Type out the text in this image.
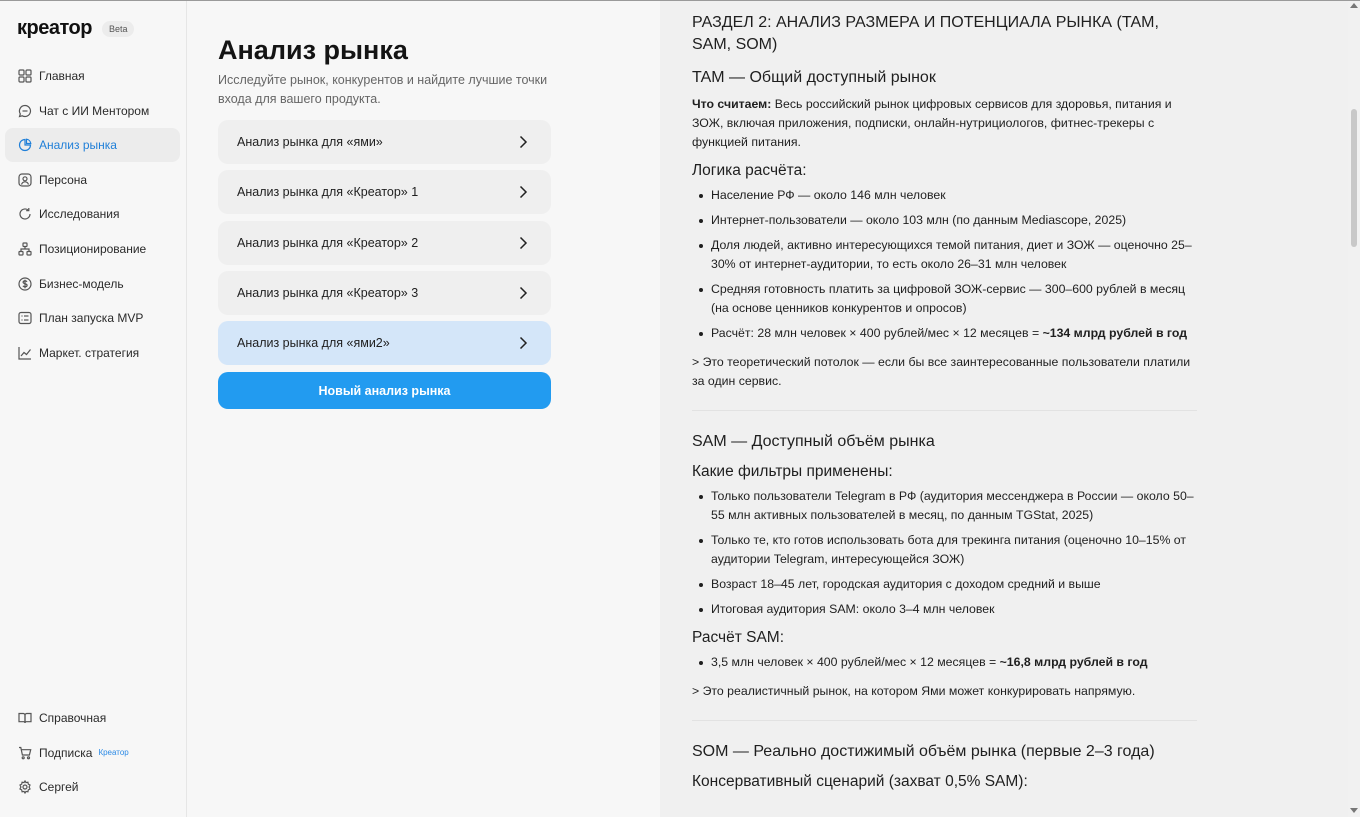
креатор	Beta
Главная
Чат с ИИ Ментором
Анализ рынка
Персона
Исследования
Позиционирование
Бизнес-модель
План запуска MVP
Маркет. стратегия
Справочная
Подписка Креатор
Сергей
Анализ рынка

Исследуйте рынок, конкурентов и найдите лучшие точки входа для вашего продукта.

Анализ рынка для «ями»
Анализ рынка для «Креатор» 1
Анализ рынка для «Креатор» 2
Анализ рынка для «Креатор» 3
Анализ рынка для «ями2»
Новый анализ рынка
РАЗДЕЛ 2: АНАЛИЗ РАЗМЕРА И ПОТЕНЦИАЛА РЫНКА (TAM, SAM, SOM)
TAM — Общий доступный рынок

Что считаем: Весь российский рынок цифровых сервисов для здоровья, питания и ЗОЖ, включая приложения, подписки, онлайн-нутрициологов, фитнес-трекеры с функцией питания.

Логика расчёта:
Население РФ — около 146 млн человек
Интернет-пользователи — около 103 млн (по данным Mediascope, 2025)
Доля людей, активно интересующихся темой питания, диет и ЗОЖ — оценочно 25–30% от интернет-аудитории, то есть около 26–31 млн человек
Средняя готовность платить за цифровой ЗОЖ-сервис — 300–600 рублей в месяц (на основе ценников конкурентов и опросов)
Расчёт: 28 млн человек × 400 рублей/мес × 12 месяцев = ~134 млрд рублей в год

> Это теоретический потолок — если бы все заинтересованные пользователи платили за один сервис.

SAM — Доступный объём рынка
Какие фильтры применены:
Только пользователи Telegram в РФ (аудитория мессенджера в России — около 50–55 млн активных пользователей в месяц, по данным TGStat, 2025)
Только те, кто готов использовать бота для трекинга питания (оценочно 10–15% от аудитории Telegram, интересующейся ЗОЖ)
Возраст 18–45 лет, городская аудитория с доходом средний и выше
Итоговая аудитория SAM: около 3–4 млн человек
Расчёт SAM:
3,5 млн человек × 400 рублей/мес × 12 месяцев = ~16,8 млрд рублей в год

> Это реалистичный рынок, на котором Ями может конкурировать напрямую.

SOM — Реально достижимый объём рынка (первые 2–3 года)
Консервативный сценарий (захват 0,5% SAM):
